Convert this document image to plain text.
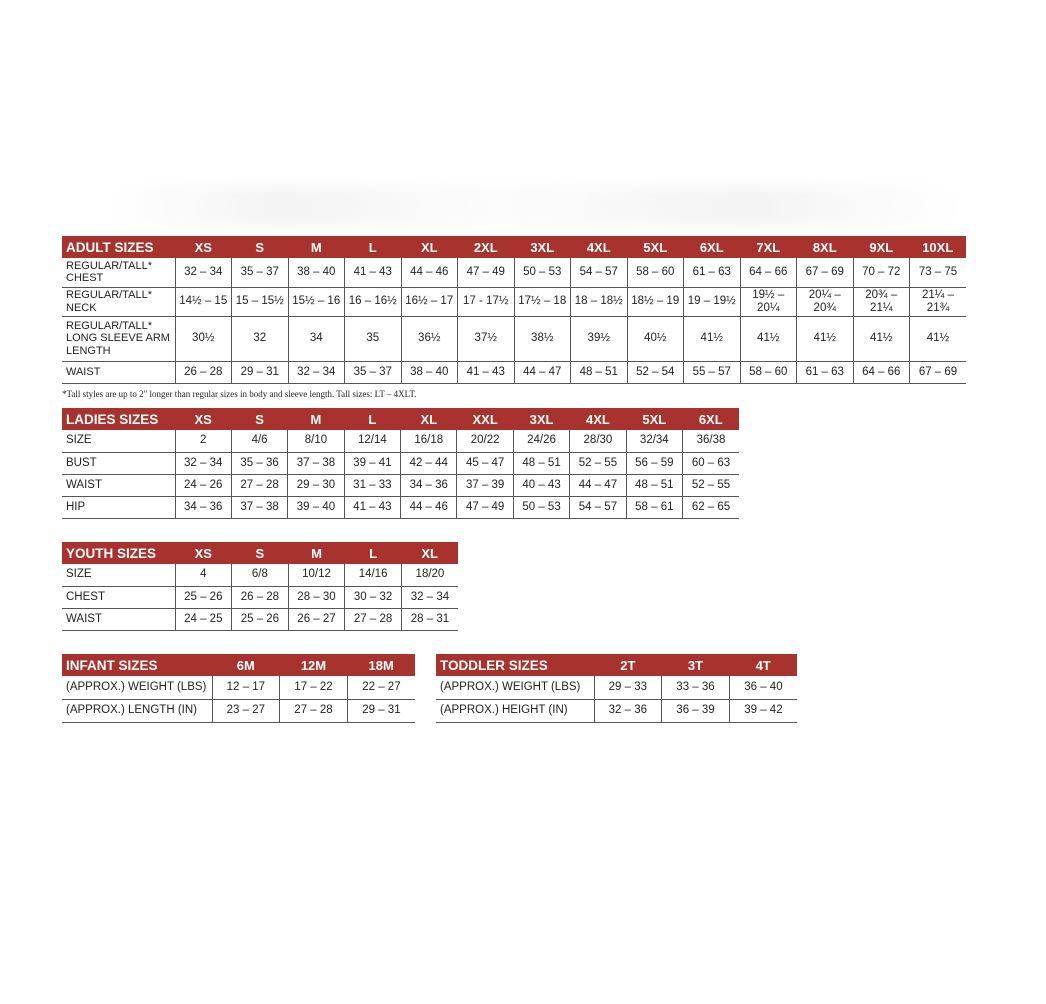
ADULT SIZES	XS	S	M	L	XL	2XL	3XL	4XL	5XL	6XL	7XL	8XL	9XL	10XL
REGULAR/TALL* CHEST	32 – 34	35 – 37	38 – 40	41 – 43	44 – 46	47 – 49	50 – 53	54 – 57	58 – 60	61 – 63	64 – 66	67 – 69	70 – 72	73 – 75
REGULAR/TALL* NECK	14½ – 15	15 – 15½	15½ – 16	16 – 16½	16½ – 17	17 - 17½	17½ – 18	18 – 18½	18½ – 19	19 – 19½	19½ – 20¼	20¼ – 20¾	20¾ – 21¼	21¼ – 21¾
REGULAR/TALL* LONG SLEEVE ARM LENGTH	30½	32	34	35	36½	37½	38½	39½	40½	41½	41½	41½	41½	41½
WAIST	26 – 28	29 – 31	32 – 34	35 – 37	38 – 40	41 – 43	44 – 47	48 – 51	52 – 54	55 – 57	58 – 60	61 – 63	64 – 66	67 – 69
*Tall styles are up to 2" longer than regular sizes in body and sleeve length. Tall sizes: LT – 4XLT.
LADIES SIZES	XS	S	M	L	XL	XXL	3XL	4XL	5XL	6XL
SIZE	2	4/6	8/10	12/14	16/18	20/22	24/26	28/30	32/34	36/38
BUST	32 – 34	35 – 36	37 – 38	39 – 41	42 – 44	45 – 47	48 – 51	52 – 55	56 – 59	60 – 63
WAIST	24 – 26	27 – 28	29 – 30	31 – 33	34 – 36	37 – 39	40 – 43	44 – 47	48 – 51	52 – 55
HIP	34 – 36	37 – 38	39 – 40	41 – 43	44 – 46	47 – 49	50 – 53	54 – 57	58 – 61	62 – 65
YOUTH SIZES	XS	S	M	L	XL
SIZE	4	6/8	10/12	14/16	18/20
CHEST	25 – 26	26 – 28	28 – 30	30 – 32	32 – 34
WAIST	24 – 25	25 – 26	26 – 27	27 – 28	28 – 31
INFANT SIZES	6M	12M	18M
(APPROX.) WEIGHT (LBS)	12 – 17	17 – 22	22 – 27
(APPROX.) LENGTH (IN)	23 – 27	27 – 28	29 – 31
TODDLER SIZES	2T	3T	4T
(APPROX.) WEIGHT (LBS)	29 – 33	33 – 36	36 – 40
(APPROX.) HEIGHT (IN)	32 – 36	36 – 39	39 – 42
